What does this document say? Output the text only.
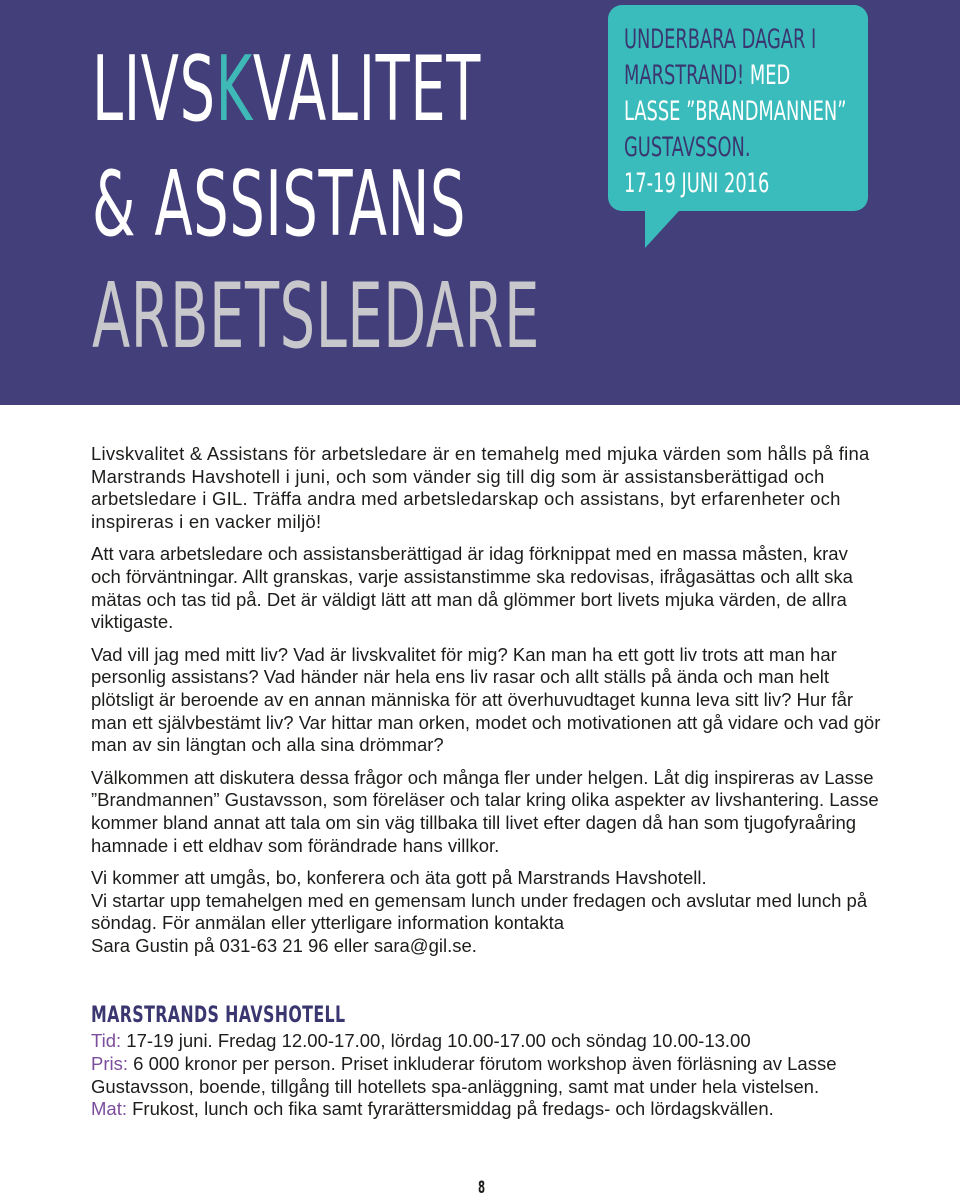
LIVSKVALITET
& ASSISTANS
ARBETSLEDARE
UNDERBARA DAGAR I
MARSTRAND! MED
LASSE ”BRANDMANNEN”
GUSTAVSSON.

17-19 JUNI 2016

Livskvalitet & Assistans för arbetsledare är en temahelg med mjuka värden som hålls på fina Marstrands Havshotell i juni, och som vänder sig till dig som är assistansberättigad och arbetsledare i GIL. Träffa andra med arbetsledarskap och assistans, byt erfarenheter och inspireras i en vacker miljö!

Att vara arbetsledare och assistansberättigad är idag förknippat med en massa måsten, krav och förväntningar. Allt granskas, varje assistanstimme ska redovisas, ifrågasättas och allt ska mätas och tas tid på. Det är väldigt lätt att man då glömmer bort livets mjuka värden, de allra viktigaste.

Vad vill jag med mitt liv? Vad är livskvalitet för mig? Kan man ha ett gott liv trots att man har personlig assistans? Vad händer när hela ens liv rasar och allt ställs på ända och man helt plötsligt är beroende av en annan människa för att överhuvudtaget kunna leva sitt liv? Hur får man ett självbestämt liv? Var hittar man orken, modet och motivationen att gå vidare och vad gör man av sin längtan och alla sina drömmar?

Välkommen att diskutera dessa frågor och många fler under helgen. Låt dig inspireras av Lasse ”Brandmannen” Gustavsson, som föreläser och talar kring olika aspekter av livshantering. Lasse kommer bland annat att tala om sin väg tillbaka till livet efter dagen då han som tjugofyraåring hamnade i ett eldhav som förändrade hans villkor.

Vi kommer att umgås, bo, konferera och äta gott på Marstrands Havshotell.
Vi startar upp temahelgen med en gemensam lunch under fredagen och avslutar med lunch på söndag. För anmälan eller ytterligare information kontakta
Sara Gustin på 031-63 21 96 eller sara@gil.se.

MARSTRANDS HAVSHOTELL

Tid: 17-19 juni. Fredag 12.00-17.00, lördag 10.00-17.00 och söndag 10.00-13.00

Pris: 6 000 kronor per person. Priset inkluderar förutom workshop även förläsning av Lasse Gustavsson, boende, tillgång till hotellets spa-anläggning, samt mat under hela vistelsen.

Mat: Frukost, lunch och fika samt fyrarättersmiddag på fredags- och lördagskvällen.

8
